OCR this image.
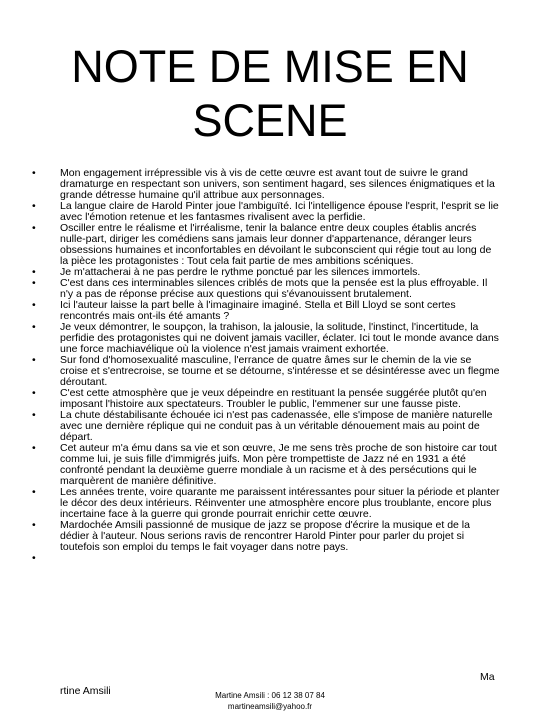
NOTE DE MISE EN SCENE
•	Mon engagement irrépressible vis à vis de cette œuvre est avant tout de suivre le grand dramaturge en respectant son univers, son sentiment hagard, ses silences énigmatiques et la grande détresse humaine qu'il attribue aux personnages.
•	La langue claire de Harold Pinter joue l'ambiguïté. Ici l'intelligence épouse l'esprit, l'esprit se lie avec l'émotion retenue et les fantasmes rivalisent avec la perfidie.
•	Osciller entre le réalisme et l'irréalisme, tenir la balance entre deux couples établis ancrés nulle-part, diriger les comédiens sans jamais leur donner d'appartenance, déranger leurs obsessions humaines et inconfortables en dévoilant le subconscient qui régie tout au long de la pièce les protagonistes : Tout cela fait partie de mes ambitions scéniques.
•	Je m'attacherai à ne pas perdre le rythme ponctué par les silences immortels.
•	C'est dans ces interminables silences criblés de mots que la pensée est la plus effroyable. Il n'y a pas de réponse précise aux questions qui s'évanouissent brutalement.
•	Ici l'auteur laisse la part belle à l'imaginaire imaginé. Stella et Bill Lloyd se sont certes rencontrés mais ont-ils été amants ?
•	Je veux démontrer, le soupçon, la trahison, la jalousie, la solitude, l'instinct, l'incertitude, la perfidie des protagonistes qui ne doivent jamais vaciller, éclater. Ici tout le monde avance dans une force machiavélique où la violence n'est jamais vraiment exhortée.
•	Sur fond d'homosexualité masculine, l'errance de quatre âmes sur le chemin de la vie se croise et s'entrecroise, se tourne et se détourne, s'intéresse et se désintéresse avec un flegme déroutant.
•	C'est cette atmosphère que je veux dépeindre en restituant la pensée suggérée plutôt qu'en imposant l'histoire aux spectateurs. Troubler le public, l'emmener sur une fausse piste.
•	La chute déstabilisante échouée ici n'est pas cadenassée, elle s'impose de manière naturelle avec une dernière réplique qui ne conduit pas à un véritable dénouement mais au point de départ.
•	Cet auteur m'a ému dans sa vie et son œuvre, Je me sens très proche de son histoire car tout comme lui, je suis fille d'immigrés juifs. Mon père trompettiste de Jazz né en 1931 a été confronté pendant la deuxième guerre mondiale à un racisme et à des persécutions qui le marquèrent de manière définitive.
•	Les années trente, voire quarante me paraissent intéressantes pour situer la période et planter le décor des deux intérieurs. Réinventer une atmosphère encore plus troublante, encore plus incertaine face à la guerre qui gronde pourrait enrichir cette œuvre.
•	Mardochée Amsili passionné de musique de jazz se propose d'écrire la musique et de la dédier à l'auteur. Nous serions ravis de rencontrer Harold Pinter pour parler du projet si toutefois son emploi du temps le fait voyager dans notre pays.
•
Ma
rtine Amsili	Martine Amsili : 06 12 38 07 84
martineamsili@yahoo.fr
